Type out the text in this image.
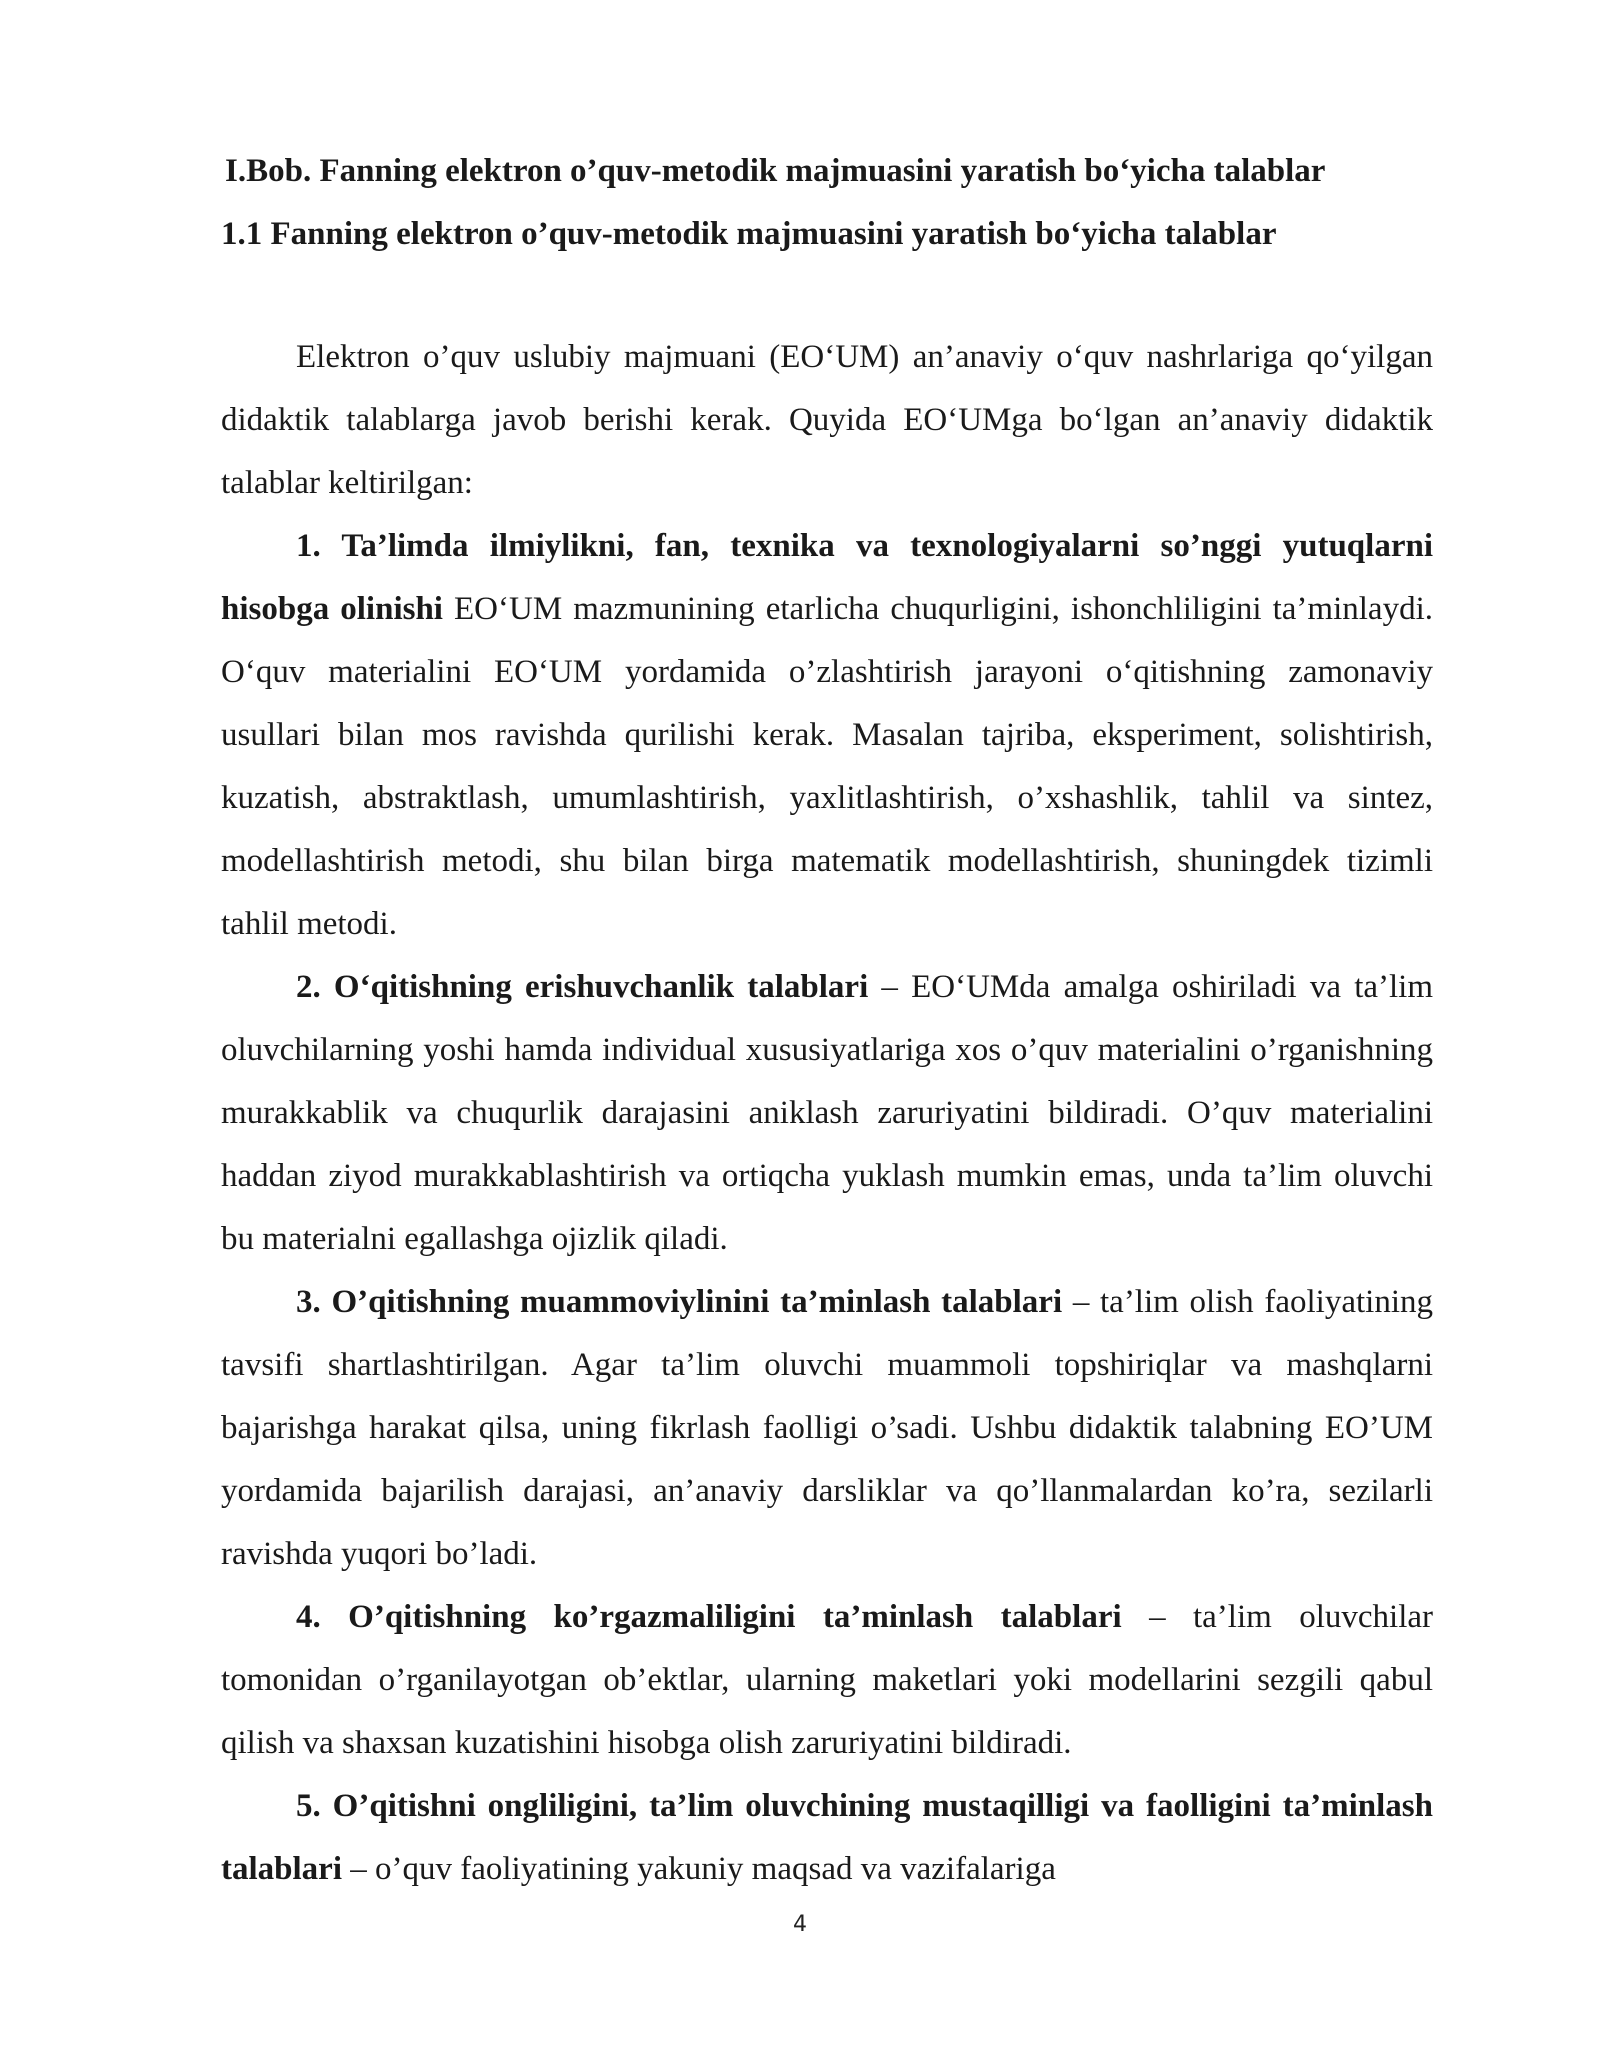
I.Bob. Fanning elektron o’quv-metodik majmuasini yaratish bo‘yicha talablar

1.1 Fanning elektron o’quv-metodik majmuasini yaratish bo‘yicha talablar

Elektron o’quv uslubiy majmuani (EO‘UM) an’anaviy o‘quv nashrlariga qo‘yilgan didaktik talablarga javob berishi kerak. Quyida EO‘UMga bo‘lgan an’anaviy didaktik talablar keltirilgan:

1. Ta’limda ilmiylikni, fan, texnika va texnologiyalarni so’nggi yutuqlarni hisobga olinishi EO‘UM mazmunining etarlicha chuqurligini, ishonchliligini ta’minlaydi. O‘quv materialini EO‘UM yordamida o’zlashtirish jarayoni o‘qitishning zamonaviy usullari bilan mos ravishda qurilishi kerak. Masalan tajriba, eksperiment, solishtirish, kuzatish, abstraktlash, umumlashtirish, yaxlitlashtirish, o’xshashlik, tahlil va sintez, modellashtirish metodi, shu bilan birga matematik modellashtirish, shuningdek tizimli tahlil metodi.

2. O‘qitishning erishuvchanlik talablari – EO‘UMda amalga oshiriladi va ta’lim oluvchilarning yoshi hamda individual xususiyatlariga xos o’quv materialini o’rganishning murakkablik va chuqurlik darajasini aniklash zaruriyatini bildiradi. O’quv materialini haddan ziyod murakkablashtirish va ortiqcha yuklash mumkin emas, unda ta’lim oluvchi bu materialni egallashga ojizlik qiladi.

3. O’qitishning muammoviylinini ta’minlash talablari – ta’lim olish faoliyatining tavsifi shartlashtirilgan. Agar ta’lim oluvchi muammoli topshiriqlar va mashqlarni bajarishga harakat qilsa, uning fikrlash faolligi o’sadi. Ushbu didaktik talabning EO’UM yordamida bajarilish darajasi, an’anaviy darsliklar va qo’llanmalardan ko’ra, sezilarli ravishda yuqori bo’ladi.

4. O’qitishning ko’rgazmaliligini ta’minlash talablari – ta’lim oluvchilar tomonidan o’rganilayotgan ob’ektlar, ularning maketlari yoki modellarini sezgili qabul qilish va shaxsan kuzatishini hisobga olish zaruriyatini bildiradi.

5. O’qitishni ongliligini, ta’lim oluvchining mustaqilligi va faolligini ta’minlash talablari – o’quv faoliyatining yakuniy maqsad va vazifalariga

4
